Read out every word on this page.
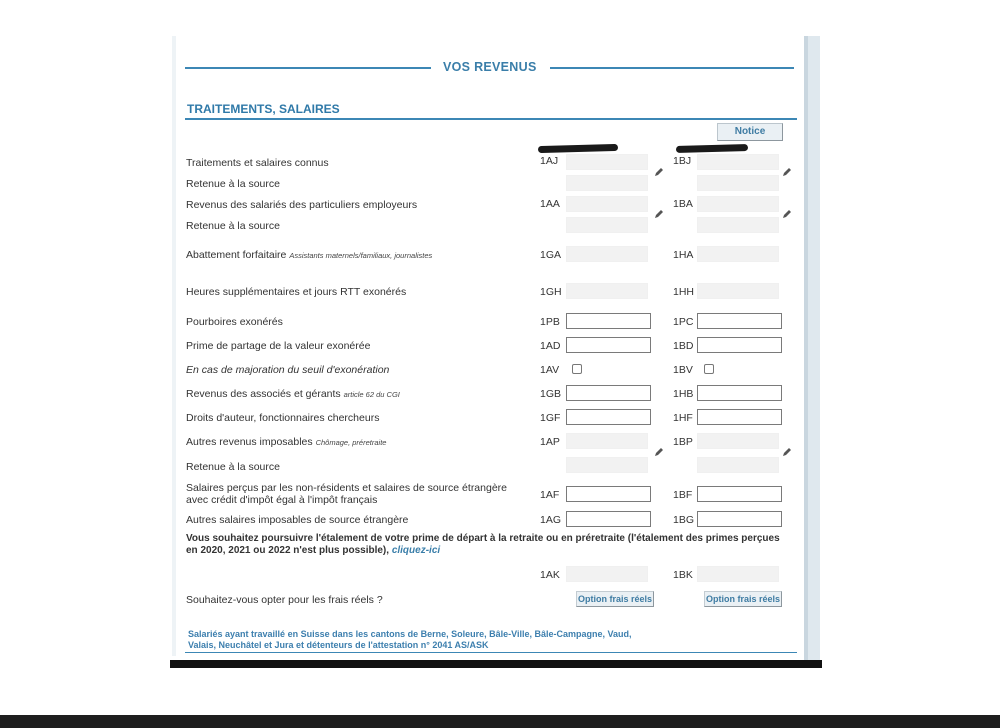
VOS REVENUS
TRAITEMENTS, SALAIRES
Notice
Traitements et salaires connus	1AJ	1BJ
Retenue à la source
Revenus des salariés des particuliers employeurs	1AA	1BA
Retenue à la source
Abattement forfaitaire Assistants maternels/familiaux, journalistes	1GA	1HA
Heures supplémentaires et jours RTT exonérés	1GH	1HH
Pourboires exonérés	1PB	1PC
Prime de partage de la valeur exonérée	1AD	1BD
En cas de majoration du seuil d'exonération	1AV	1BV
Revenus des associés et gérants article 62 du CGI	1GB	1HB
Droits d'auteur, fonctionnaires chercheurs	1GF	1HF
Autres revenus imposables Chômage, préretraite	1AP	1BP
Retenue à la source
Salaires perçus par les non-résidents et salaires de source étrangère
avec crédit d'impôt égal à l'impôt français	1AF	1BF
Autres salaires imposables de source étrangère	1AG	1BG
Vous souhaitez poursuivre l'étalement de votre prime de départ à la retraite ou en préretraite (l'étalement des primes perçues en 2020, 2021 ou 2022 n'est plus possible), cliquez-ici
1AK	1BK
Souhaitez-vous opter pour les frais réels ?	Option frais réels	Option frais réels
Salariés ayant travaillé en Suisse dans les cantons de Berne, Soleure, Bâle-Ville, Bâle-Campagne, Vaud,
Valais, Neuchâtel et Jura et détenteurs de l'attestation n° 2041 AS/ASK
